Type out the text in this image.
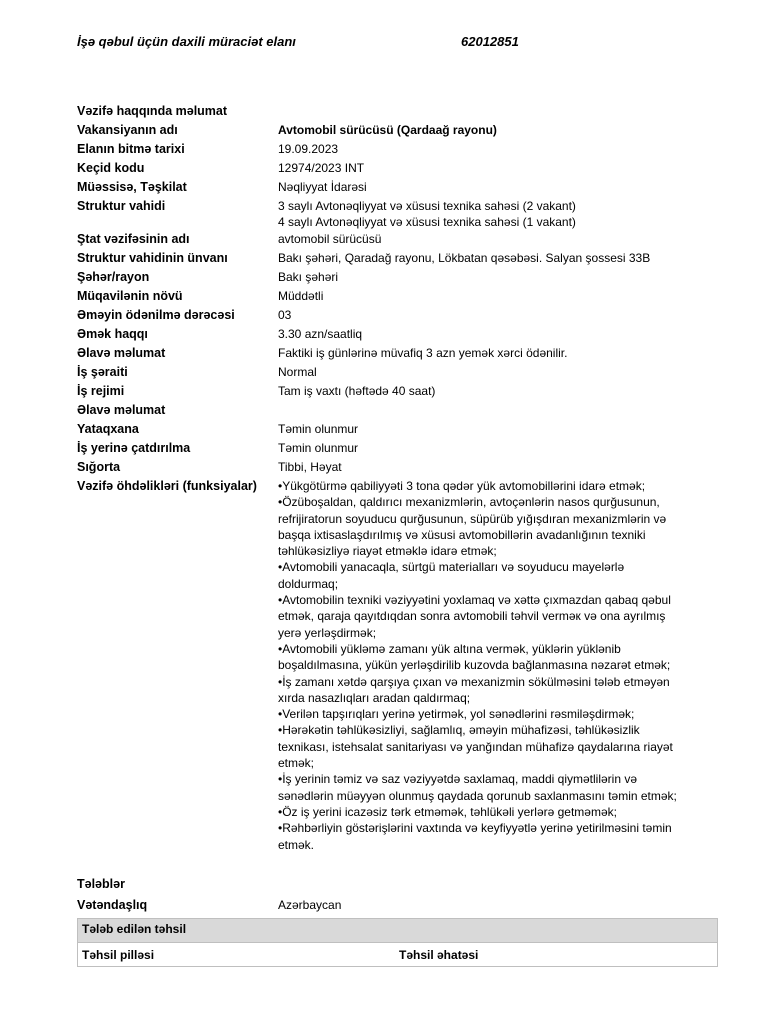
İşə qəbul üçün daxili müraciət elanı	62012851
Vəzifə haqqında məlumat
Vakansiyanın adı	Avtomobil sürücüsü (Qardaağ rayonu)
Elanın bitmə tarixi	19.09.2023
Keçid kodu	12974/2023 INT
Müəssisə, Təşkilat	Nəqliyyat İdarəsi
Struktur vahidi	3 saylı Avtonəqliyyat və xüsusi texnika sahəsi (2 vakant)
4 saylı Avtonəqliyyat və xüsusi texnika sahəsi (1 vakant)
Ştat vəzifəsinin adı	avtomobil sürücüsü
Struktur vahidinin ünvanı	Bakı şəhəri, Qaradağ rayonu, Lökbatan qəsəbəsi. Salyan şossesi 33B
Şəhər/rayon	Bakı şəhəri
Müqavilənin növü	Müddətli
Əməyin ödənilmə dərəcəsi	03
Əmək haqqı	3.30 azn/saatliq
Əlavə məlumat	Faktiki iş günlərinə müvafiq 3 azn yemək xərci ödənilir.
İş şəraiti	Normal
İş rejimi	Tam iş vaxtı (həftədə 40 saat)
Əlavə məlumat
Yataqxana	Təmin olunmur
İş yerinə çatdırılma	Təmin olunmur
Sığorta	Tibbi, Həyat
Vəzifə öhdəlikləri (funksiyalar)	•Yükgötürmə qabiliyyəti 3 tona qədər yük avtomobillərini idarə etmək;
•Özüboşaldan, qaldırıcı mexanizmlərin, avtoçənlərin nasos qurğusunun,
refrijiratorun soyuducu qurğusunun, süpürüb yığışdıran mexanizmlərin və
başqa ixtisaslaşdırılmış və xüsusi avtomobillərin avadanlığının texniki
təhlükəsizliyə riayət etməklə idarə etmək;
•Avtomobili yanacaqla, sürtgü materialları və soyuducu mayelərlə
doldurmaq;
•Avtomobilin texniki vəziyyətini yoxlamaq və xəttə çıxmazdan qabaq qəbul
etmək, qaraja qayıtdıqdan sonra avtomobili təhvil verməк və ona ayrılmış
yerə yerləşdirmək;
•Avtomobili yükləmə zamanı yük altına vermək, yüklərin yüklənib
boşaldılmasına, yükün yerləşdirilib kuzovda bağlanmasına nəzarət etmək;
•İş zamanı xətdə qarşıya çıxan və mexanizmin sökülməsini tələb etməyən
xırda nasazlıqları aradan qaldırmaq;
•Verilən tapşırıqları yerinə yetirmək, yol sənədlərini rəsmiləşdirmək;
•Hərəkətin təhlükəsizliyi, sağlamlıq, əməyin mühafizəsi, təhlükəsizlik
texnikası, istehsalat sanitariyası və yanğından mühafizə qaydalarına riayət
etmək;
•İş yerinin təmiz və saz vəziyyətdə saxlamaq, maddi qiymətlilərin və
sənədlərin müəyyən olunmuş qaydada qorunub saxlanmasını təmin etmək;
•Öz iş yerini icazəsiz tərk etməmək, təhlükəli yerlərə getməmək;
•Rəhbərliyin göstərişlərini vaxtında və keyfiyyətlə yerinə yetirilməsini təmin
etmək.
Tələblər
Vətəndaşlıq	Azərbaycan
Tələb edilən təhsil
Təhsil pilləsi	Təhsil əhatəsi
